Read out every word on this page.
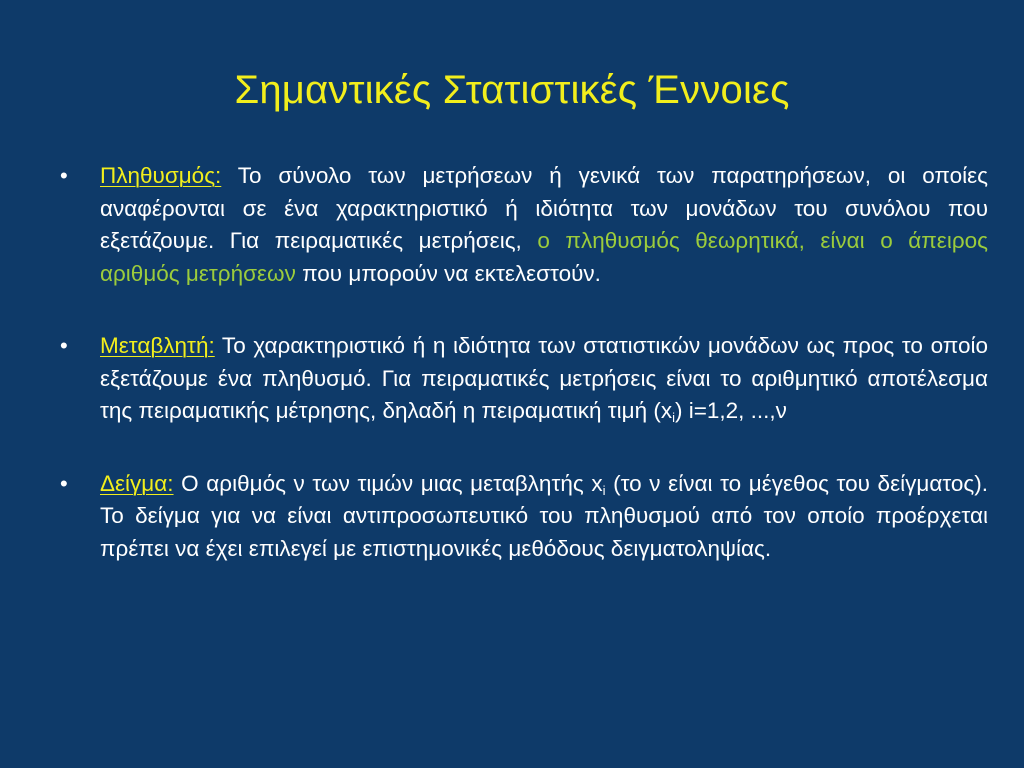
Σημαντικές Στατιστικές Έννοιες
• Πληθυσμός: Το σύνολο των μετρήσεων ή γενικά των παρατηρήσεων, οι οποίες αναφέρονται σε ένα χαρακτηριστικό ή ιδιότητα των μονάδων του συνόλου που εξετάζουμε. Για πειραματικές μετρήσεις, ο πληθυσμός θεωρητικά, είναι ο άπειρος αριθμός μετρήσεων που μπορούν να εκτελεστούν.
• Μεταβλητή: Το χαρακτηριστικό ή η ιδιότητα των στατιστικών μονάδων ως προς το οποίο εξετάζουμε ένα πληθυσμό. Για πειραματικές μετρήσεις είναι το αριθμητικό αποτέλεσμα της πειραματικής μέτρησης, δηλαδή η πειραματική τιμή $(x_i)$ i=1,2, ...,ν
• Δείγμα: Ο αριθμός ν των τιμών μιας μεταβλητής $x_i$ (το ν είναι το μέγεθος του δείγματος). Το δείγμα για να είναι αντιπροσωπευτικό του πληθυσμού από τον οποίο προέρχεται πρέπει να έχει επιλεγεί με επιστημονικές μεθόδους δειγματοληψίας.
